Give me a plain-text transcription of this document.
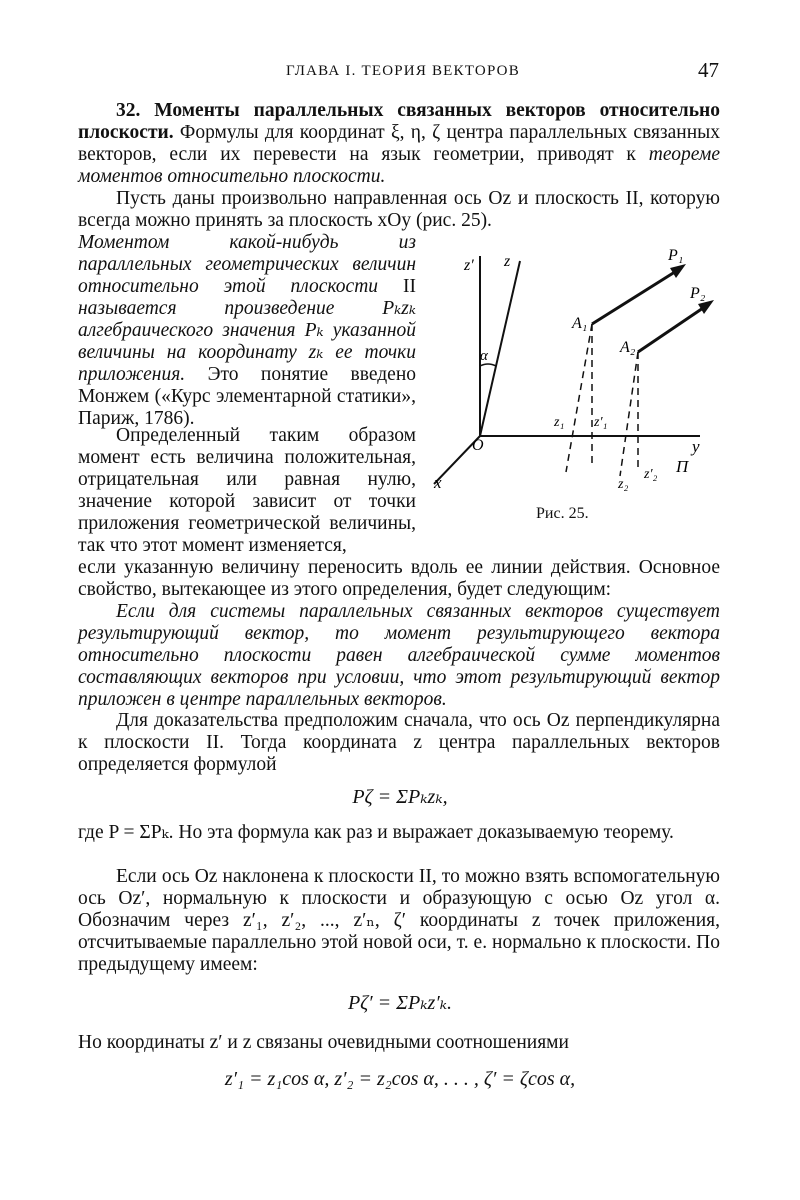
ГЛАВА I. ТЕОРИЯ ВЕКТОРОВ	47
32. Моменты параллельных связанных векторов относительно плоскости. Формулы для координат ξ, η, ζ центра параллельных связанных векторов, если их перевести на язык геометрии, приводят к теореме моментов относительно плоскости.
Пусть даны произвольно направленная ось Oz и плоскость II, которую всегда можно принять за плоскость xOy (рис. 25).
Моментом какой-нибудь из параллельных геометрических величин относительно этой плоскости II называется произведение Pₖzₖ алгебраического значения Pₖ указанной величины на координату zₖ ее точки приложения. Это понятие введено Монжем («Курс элементарной статики», Париж, 1786).
Определенный таким образом момент есть величина положительная, отрицательная или равная нулю, значение которой зависит от точки приложения геометрической величины, так что этот момент изменяется,
если указанную величину переносить вдоль ее линии действия. Основное свойство, вытекающее из этого определения, будет следующим:
Если для системы параллельных связанных векторов существует результирующий вектор, то момент результирующего вектора относительно плоскости равен алгебраической сумме моментов составляющих векторов при условии, что этот результирующий вектор приложен в центре параллельных векторов.
Для доказательства предположим сначала, что ось Oz перпендикулярна к плоскости II. Тогда координата z центра параллельных векторов определяется формулой
Pζ = ΣPₖzₖ,
где P = ΣPₖ. Но эта формула как раз и выражает доказываемую теорему.
Если ось Oz наклонена к плоскости II, то можно взять вспомогательную ось Oz′, нормальную к плоскости и образующую с осью Oz угол α. Обозначим через z′₁, z′₂, ..., z′ₙ, ζ′ координаты z точек приложения, отсчитываемые параллельно этой новой оси, т. е. нормально к плоскости. По предыдущему имеем:
Pζ′ = ΣPₖz′ₖ.
Но координаты z′ и z связаны очевидными соотношениями
z′₁ = z₁cos α, z′₂ = z₂cos α, . . . , ζ′ = ζcos α,
z′ z
α
O
x
y
П
A₁
A₂
P₁
P₂
z₁ z′₁
z₂
z′₂
Рис. 25.
